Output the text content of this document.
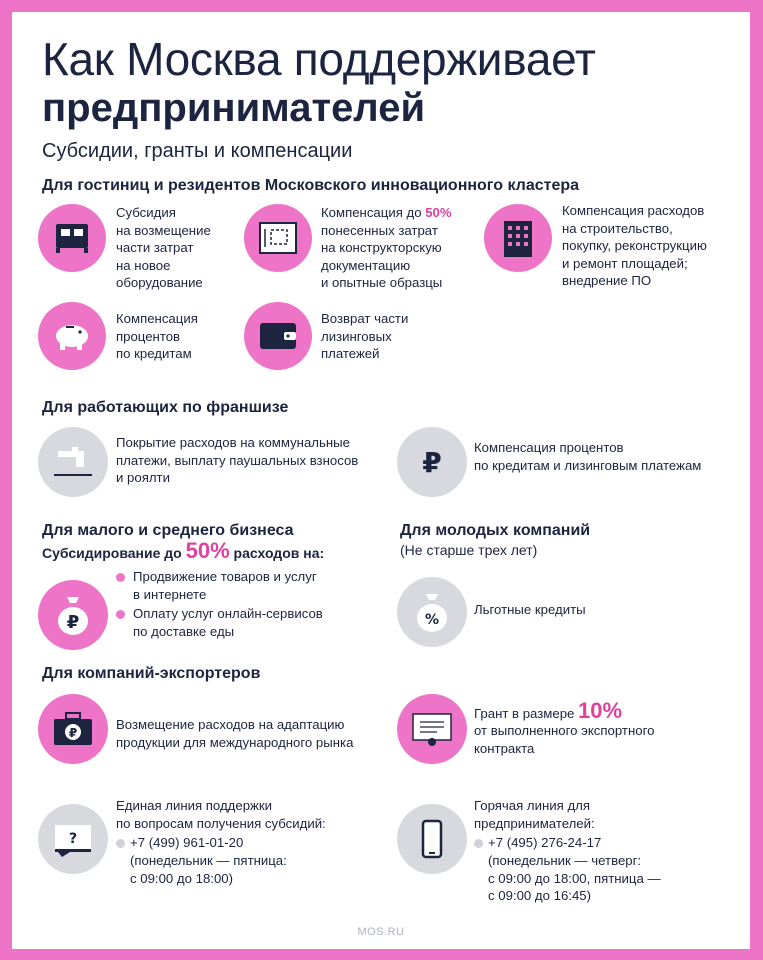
Как Москва поддерживает
предпринимателей
Субсидии, гранты и компенсации
Для гостиниц и резидентов Московского инновационного кластера
Субсидия
на возмещение
части затрат
на новое
оборудование
Компенсация до 50%
понесенных затрат
на конструкторскую
документацию
и опытные образцы
Компенсация расходов
на строительство,
покупку, реконструкцию
и ремонт площадей;
внедрение ПО
Компенсация
процентов
по кредитам
Возврат части
лизинговых
платежей
Для работающих по франшизе
Покрытие расходов на коммунальные
платежи, выплату паушальных взносов
и роялти	₽ Компенсация процентов
по кредитам и лизинговым платежам
Для малого и среднего бизнеса
Субсидирование до 50% расходов на:
₽
Продвижение товаров и услуг
в интернете
Оплату услуг онлайн-сервисов
по доставке еды
Для молодых компаний
(Не старше трех лет)
%
Льготные кредиты
Для компаний-экспортеров
₽
Возмещение расходов на адаптацию
продукции для международного рынка
Грант в размере 10%
от выполненного экспортного
контракта
?
Единая линия поддержки
по вопросам получения субсидий:
+7 (499) 961-01-20
(понедельник — пятница:
с 09:00 до 18:00)
Горячая линия для
предпринимателей:
+7 (495) 276-24-17
(понедельник — четверг:
с 09:00 до 18:00, пятница —
с 09:00 до 16:45)
MOS.RU
